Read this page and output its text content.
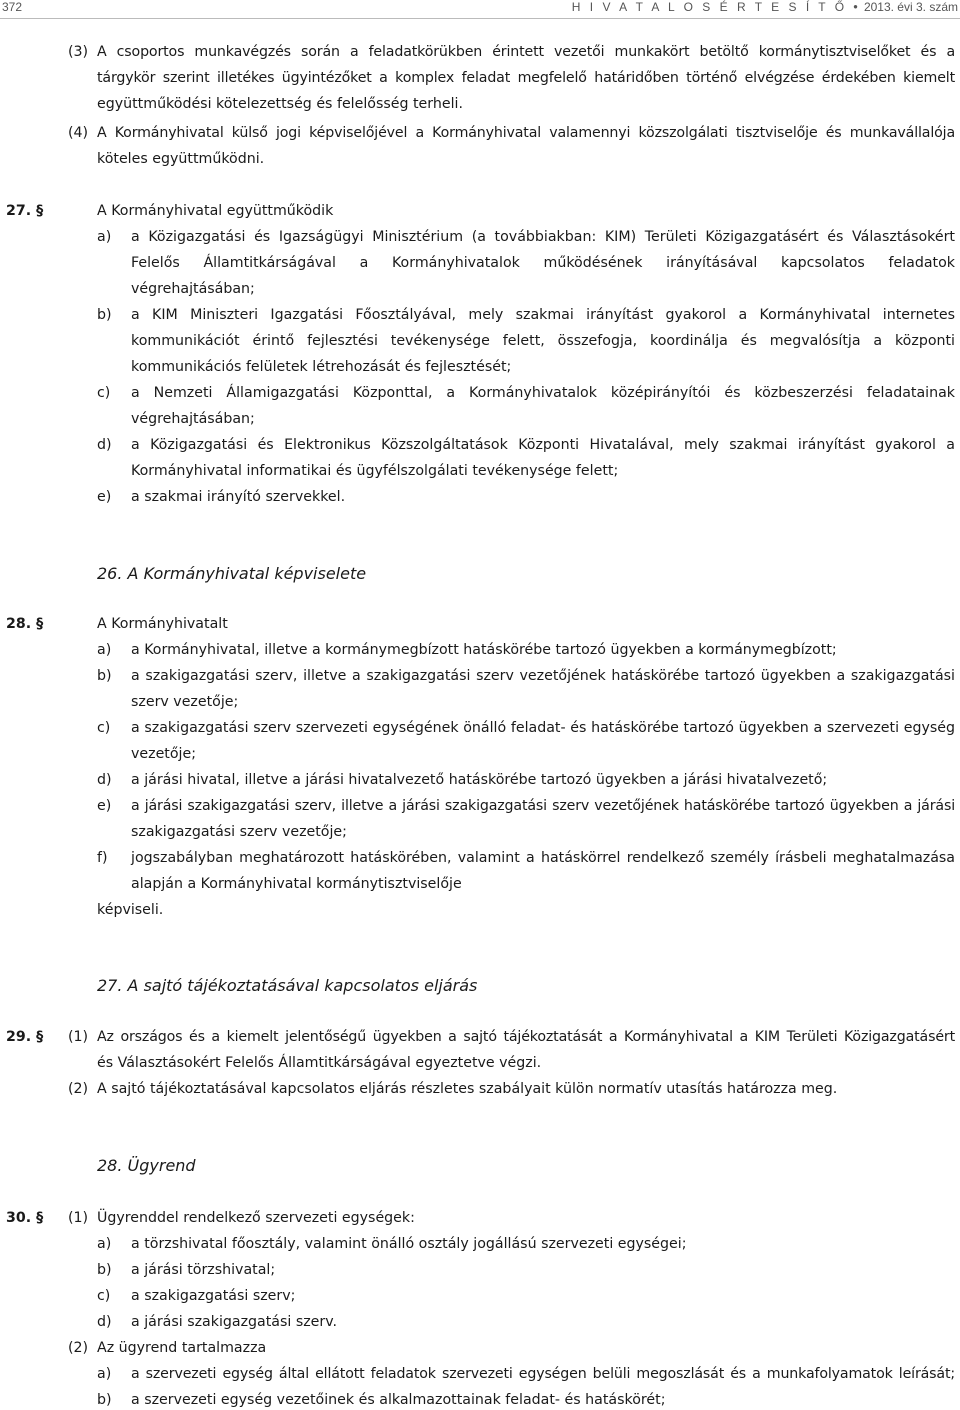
372	H I V A T A L O S É R T E S Í T Ő ● 2013. évi 3. szám
(3) A csoportos munkavégzés során a feladatkörükben érintett vezetői munkakört betöltő kormánytisztviselőket és a
tárgykör szerint illetékes ügyintézőket a komplex feladat megfelelő határidőben történő elvégzése érdekében kiemelt
együttműködési kötelezettség és felelősség terheli.
(4) A Kormányhivatal külső jogi képviselőjével a Kormányhivatal valamennyi közszolgálati tisztviselője és munkavállalója
köteles együttműködni.
27. §	A Kormányhivatal együttműködik
a) a Közigazgatási és Igazságügyi Minisztérium (a továbbiakban: KIM) Területi Közigazgatásért és Választásokért
Felelős Államtitkárságával a Kormányhivatalok működésének irányításával kapcsolatos feladatok
végrehajtásában;
b) a KIM Miniszteri Igazgatási Főosztályával, mely szakmai irányítást gyakorol a Kormányhivatal internetes
kommunikációt érintő fejlesztési tevékenysége felett, összefogja, koordinálja és megvalósítja a központi
kommunikációs felületek létrehozását és fejlesztését;
c) a Nemzeti Államigazgatási Központtal, a Kormányhivatalok középirányítói és közbeszerzési feladatainak
végrehajtásában;
d) a Közigazgatási és Elektronikus Közszolgáltatások Központi Hivatalával, mely szakmai irányítást gyakorol a
Kormányhivatal informatikai és ügyfélszolgálati tevékenysége felett;
e) a szakmai irányító szervekkel.
26. A Kormányhivatal képviselete
28. §	A Kormányhivatalt
a) a Kormányhivatal, illetve a kormánymegbízott hatáskörébe tartozó ügyekben a kormánymegbízott;
b) a szakigazgatási szerv, illetve a szakigazgatási szerv vezetőjének hatáskörébe tartozó ügyekben a szakigazgatási
szerv vezetője;
c) a szakigazgatási szerv szervezeti egységének önálló feladat- és hatáskörébe tartozó ügyekben a szervezeti egység
vezetője;
d) a járási hivatal, illetve a járási hivatalvezető hatáskörébe tartozó ügyekben a járási hivatalvezető;
e) a járási szakigazgatási szerv, illetve a járási szakigazgatási szerv vezetőjének hatáskörébe tartozó ügyekben a járási
szakigazgatási szerv vezetője;
f) jogszabályban meghatározott hatáskörében, valamint a hatáskörrel rendelkező személy írásbeli meghatalmazása
alapján a Kormányhivatal kormánytisztviselője
képviseli.
27. A sajtó tájékoztatásával kapcsolatos eljárás
29. § (1) Az országos és a kiemelt jelentőségű ügyekben a sajtó tájékoztatását a Kormányhivatal a KIM Területi Közigazgatásért
és Választásokért Felelős Államtitkárságával egyeztetve végzi.
(2) A sajtó tájékoztatásával kapcsolatos eljárás részletes szabályait külön normatív utasítás határozza meg.
28. Ügyrend
30. § (1) Ügyrenddel rendelkező szervezeti egységek:
a) a törzshivatal főosztály, valamint önálló osztály jogállású szervezeti egységei;
b) a járási törzshivatal;
c) a szakigazgatási szerv;
d) a járási szakigazgatási szerv.
(2) Az ügyrend tartalmazza
a) a szervezeti egység által ellátott feladatok szervezeti egységen belüli megoszlását és a munkafolyamatok leírását;
b) a szervezeti egység vezetőinek és alkalmazottainak feladat- és hatáskörét;
